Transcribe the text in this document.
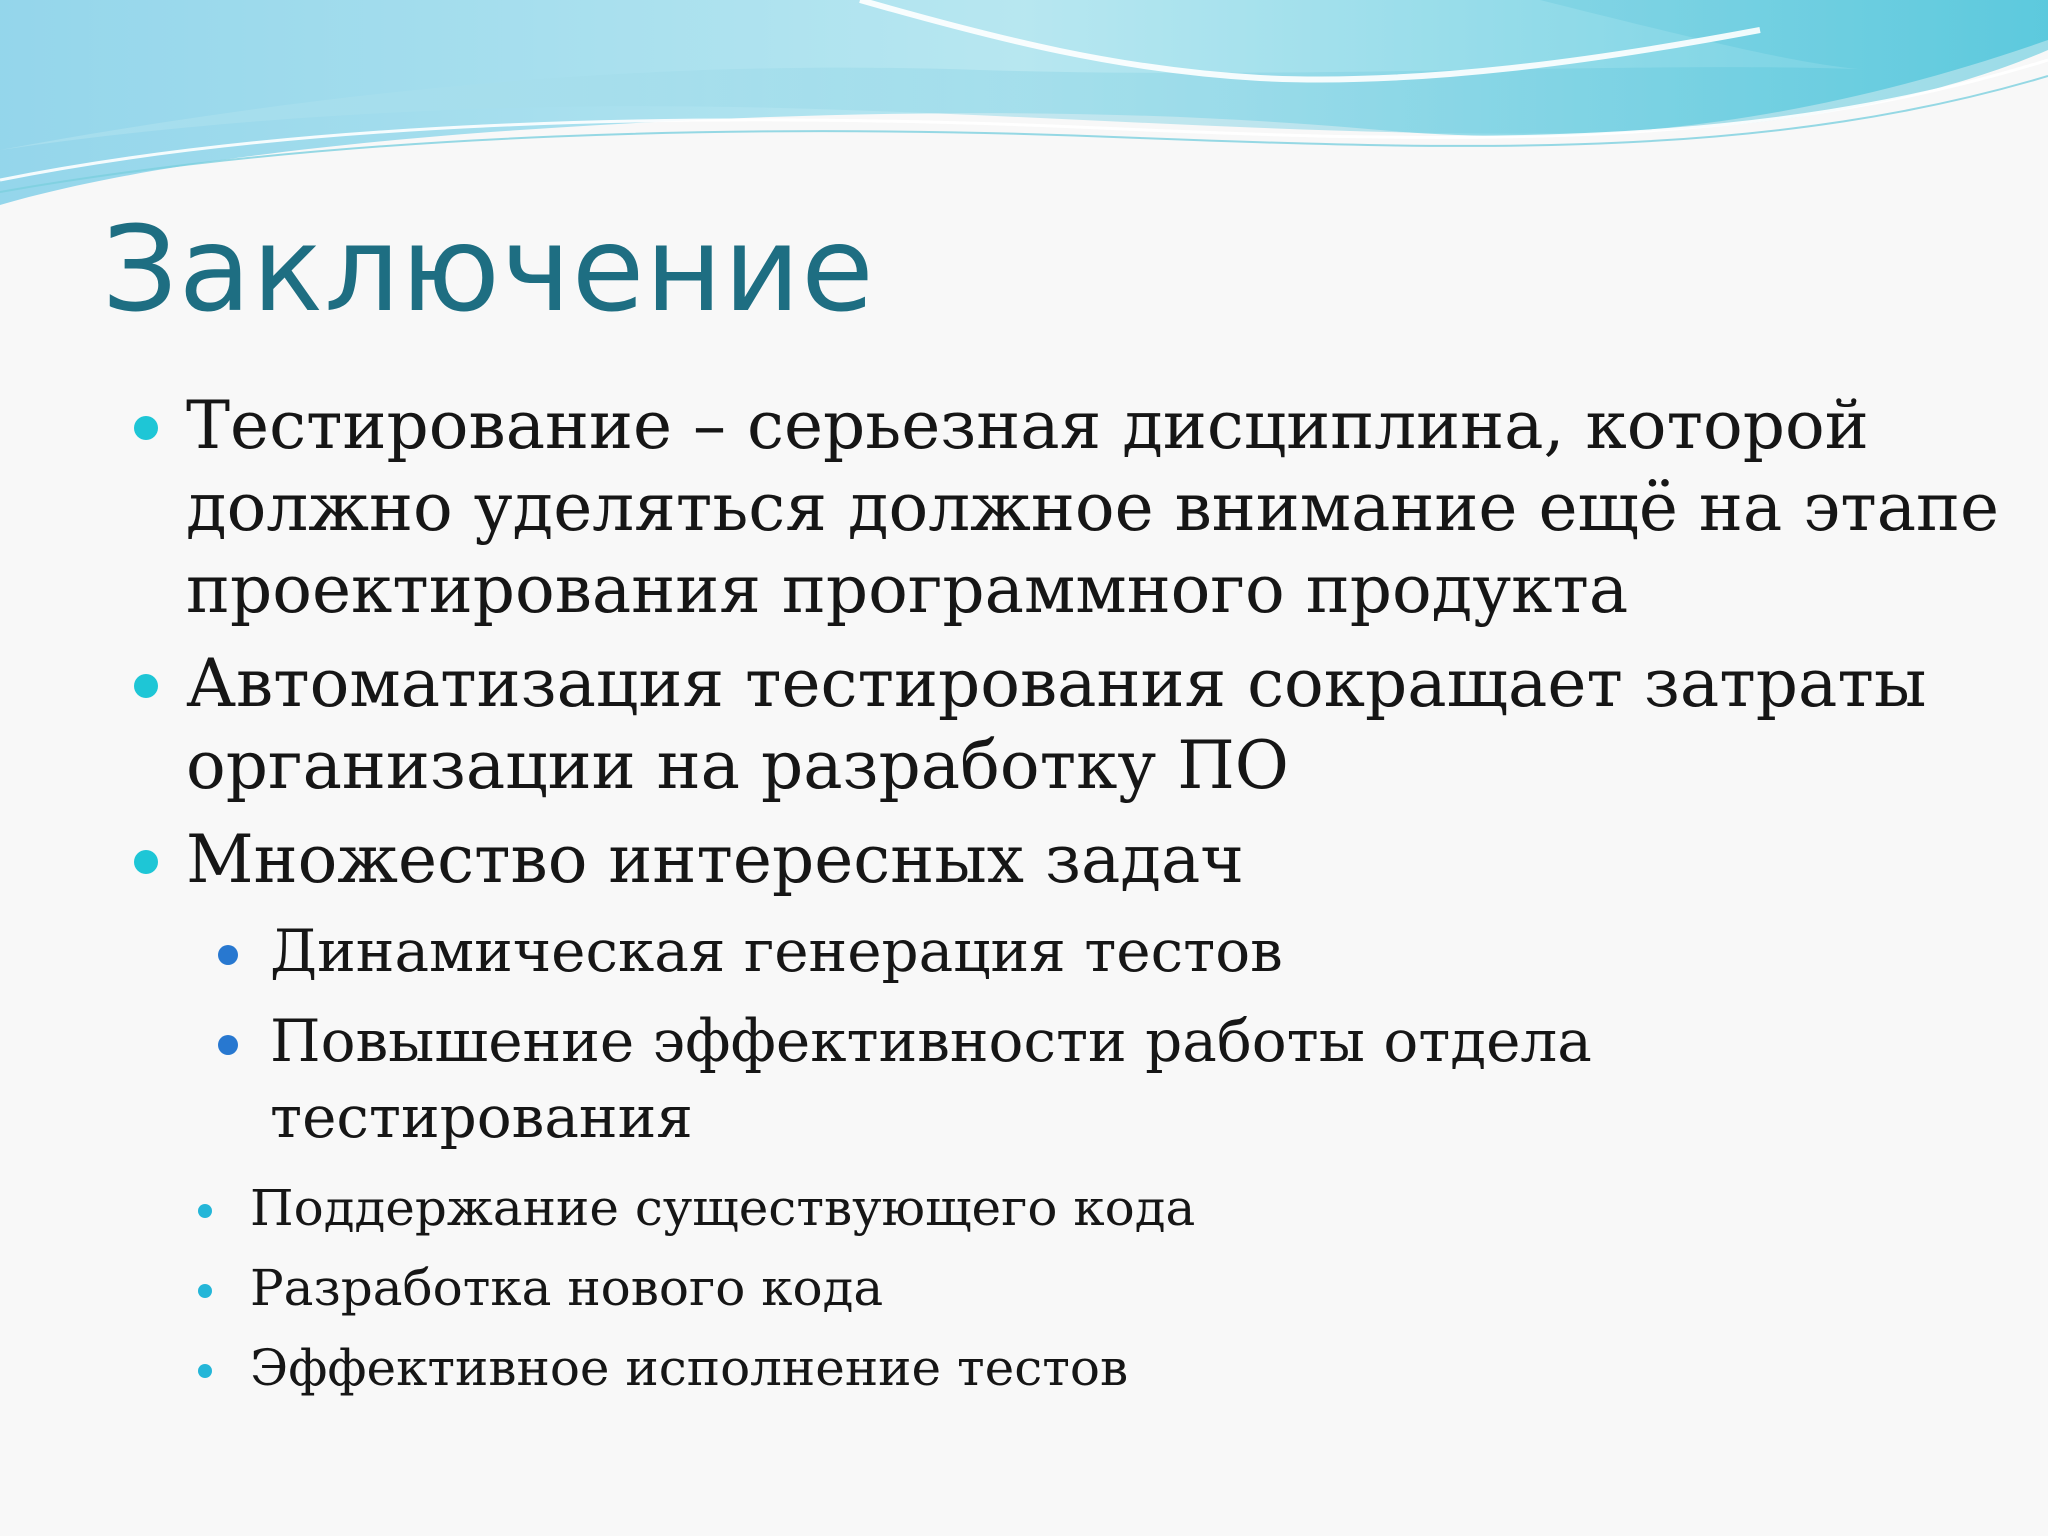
Заключение
Тестирование – серьезная дисциплина, которой должно уделяться должное внимание ещё на этапе проектирования программного продукта
Автоматизация тестирования сокращает затраты организации на разработку ПО
Множество интересных задач
Динамическая генерация тестов
Повышение эффективности работы отдела тестирования
Поддержание существующего кода
Разработка нового кода
Эффективное исполнение тестов
